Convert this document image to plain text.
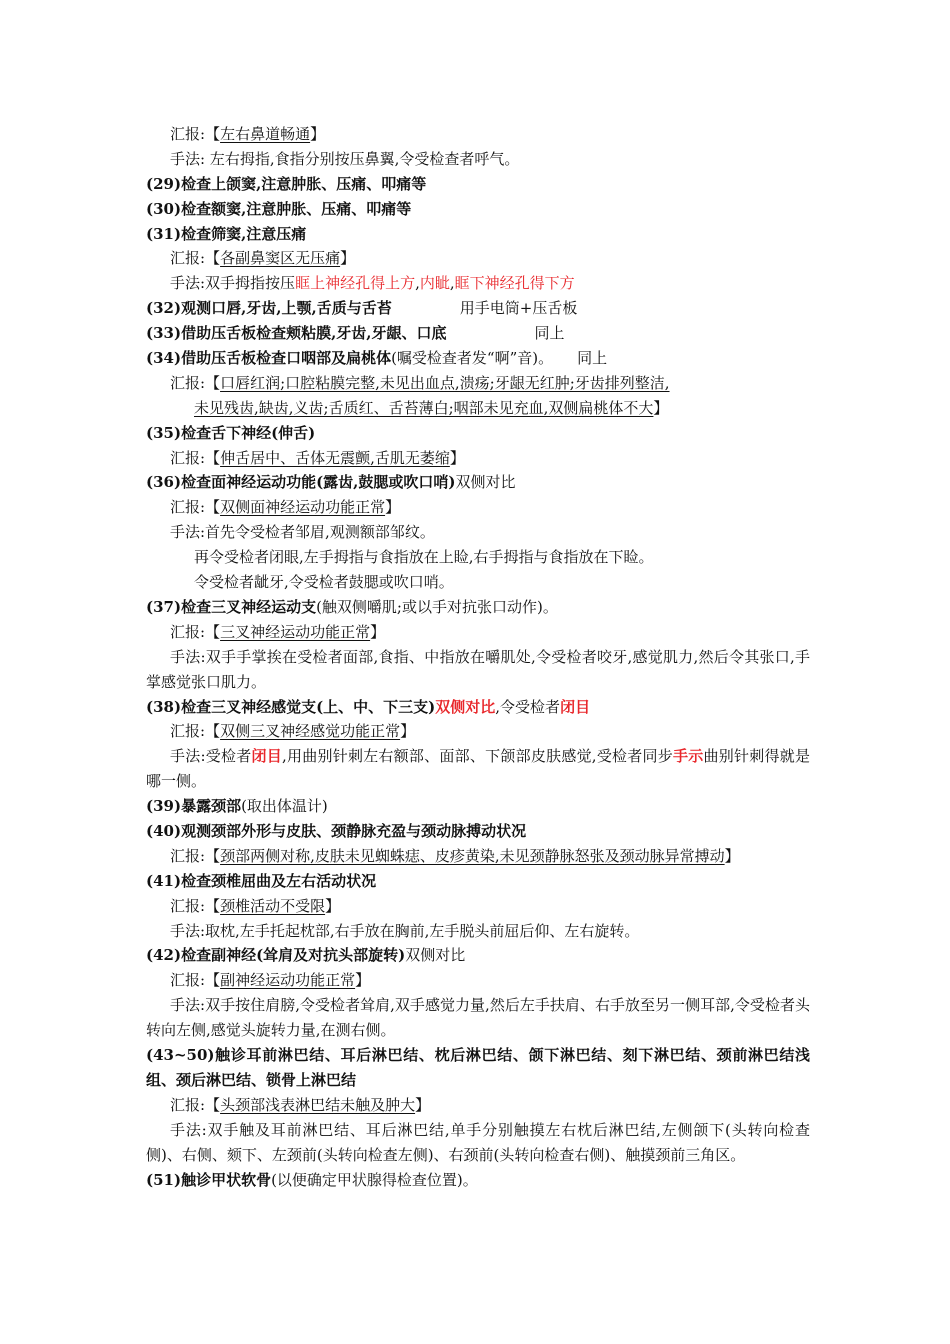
汇报:【左右鼻道畅通】
手法: 左右拇指,食指分别按压鼻翼,令受检查者呼气。
(29)检查上颌窦,注意肿胀、压痛、叩痛等
(30)检查额窦,注意肿胀、压痛、叩痛等
(31)检查筛窦,注意压痛
汇报:【各副鼻窦区无压痛】
手法:双手拇指按压眶上神经孔得上方,内眦,眶下神经孔得下方
(32)观测口唇,牙齿,上颚,舌质与舌苔	用手电筒+压舌板
(33)借助压舌板检查颊粘膜,牙齿,牙龈、口底	同上
(34)借助压舌板检查口咽部及扁桃体(嘱受检查者发“啊”音)。 同上
汇报:【口唇红润;口腔粘膜完整,未见出血点,溃疡;牙龈无红肿;牙齿排列整洁,
未见残齿,缺齿,义齿;舌质红、舌苔薄白;咽部未见充血,双侧扁桃体不大】
(35)检查舌下神经(伸舌)
汇报:【伸舌居中、舌体无震颤,舌肌无萎缩】
(36)检查面神经运动功能(露齿,鼓腮或吹口哨)双侧对比
汇报:【双侧面神经运动功能正常】
手法:首先令受检者邹眉,观测额部邹纹。
再令受检者闭眼,左手拇指与食指放在上睑,右手拇指与食指放在下睑。
令受检者龇牙,令受检者鼓腮或吹口哨。
(37)检查三叉神经运动支(触双侧嚼肌;或以手对抗张口动作)。
汇报:【三叉神经运动功能正常】
手法:双手手掌挨在受检者面部,食指、中指放在嚼肌处,令受检者咬牙,感觉肌力,然后令其张口,手掌感觉张口肌力。
(38)检查三叉神经感觉支(上、中、下三支)双侧对比,令受检者闭目
汇报:【双侧三叉神经感觉功能正常】
手法:受检者闭目,用曲别针刺左右额部、面部、下颌部皮肤感觉,受检者同步手示曲别针刺得就是哪一侧。
(39)暴露颈部(取出体温计)
(40)观测颈部外形与皮肤、颈静脉充盈与颈动脉搏动状况
汇报:【颈部两侧对称,皮肤未见蜘蛛痣、皮疹黄染,未见颈静脉怒张及颈动脉异常搏动】
(41)检查颈椎屈曲及左右活动状况
汇报:【颈椎活动不受限】
手法:取枕,左手托起枕部,右手放在胸前,左手脱头前屈后仰、左右旋转。
(42)检查副神经(耸肩及对抗头部旋转)双侧对比
汇报:【副神经运动功能正常】
手法:双手按住肩膀,令受检者耸肩,双手感觉力量,然后左手扶肩、右手放至另一侧耳部,令受检者头转向左侧,感觉头旋转力量,在测右侧。
(43~50)触诊耳前淋巴结、耳后淋巴结、枕后淋巴结、颌下淋巴结、刻下淋巴结、颈前淋巴结浅组、颈后淋巴结、锁骨上淋巴结
汇报:【头颈部浅表淋巴结未触及肿大】
手法:双手触及耳前淋巴结、耳后淋巴结,单手分别触摸左右枕后淋巴结,左侧颌下(头转向检查侧)、右侧、颏下、左颈前(头转向检查左侧)、右颈前(头转向检查右侧)、触摸颈前三角区。
(51)触诊甲状软骨(以便确定甲状腺得检查位置)。
